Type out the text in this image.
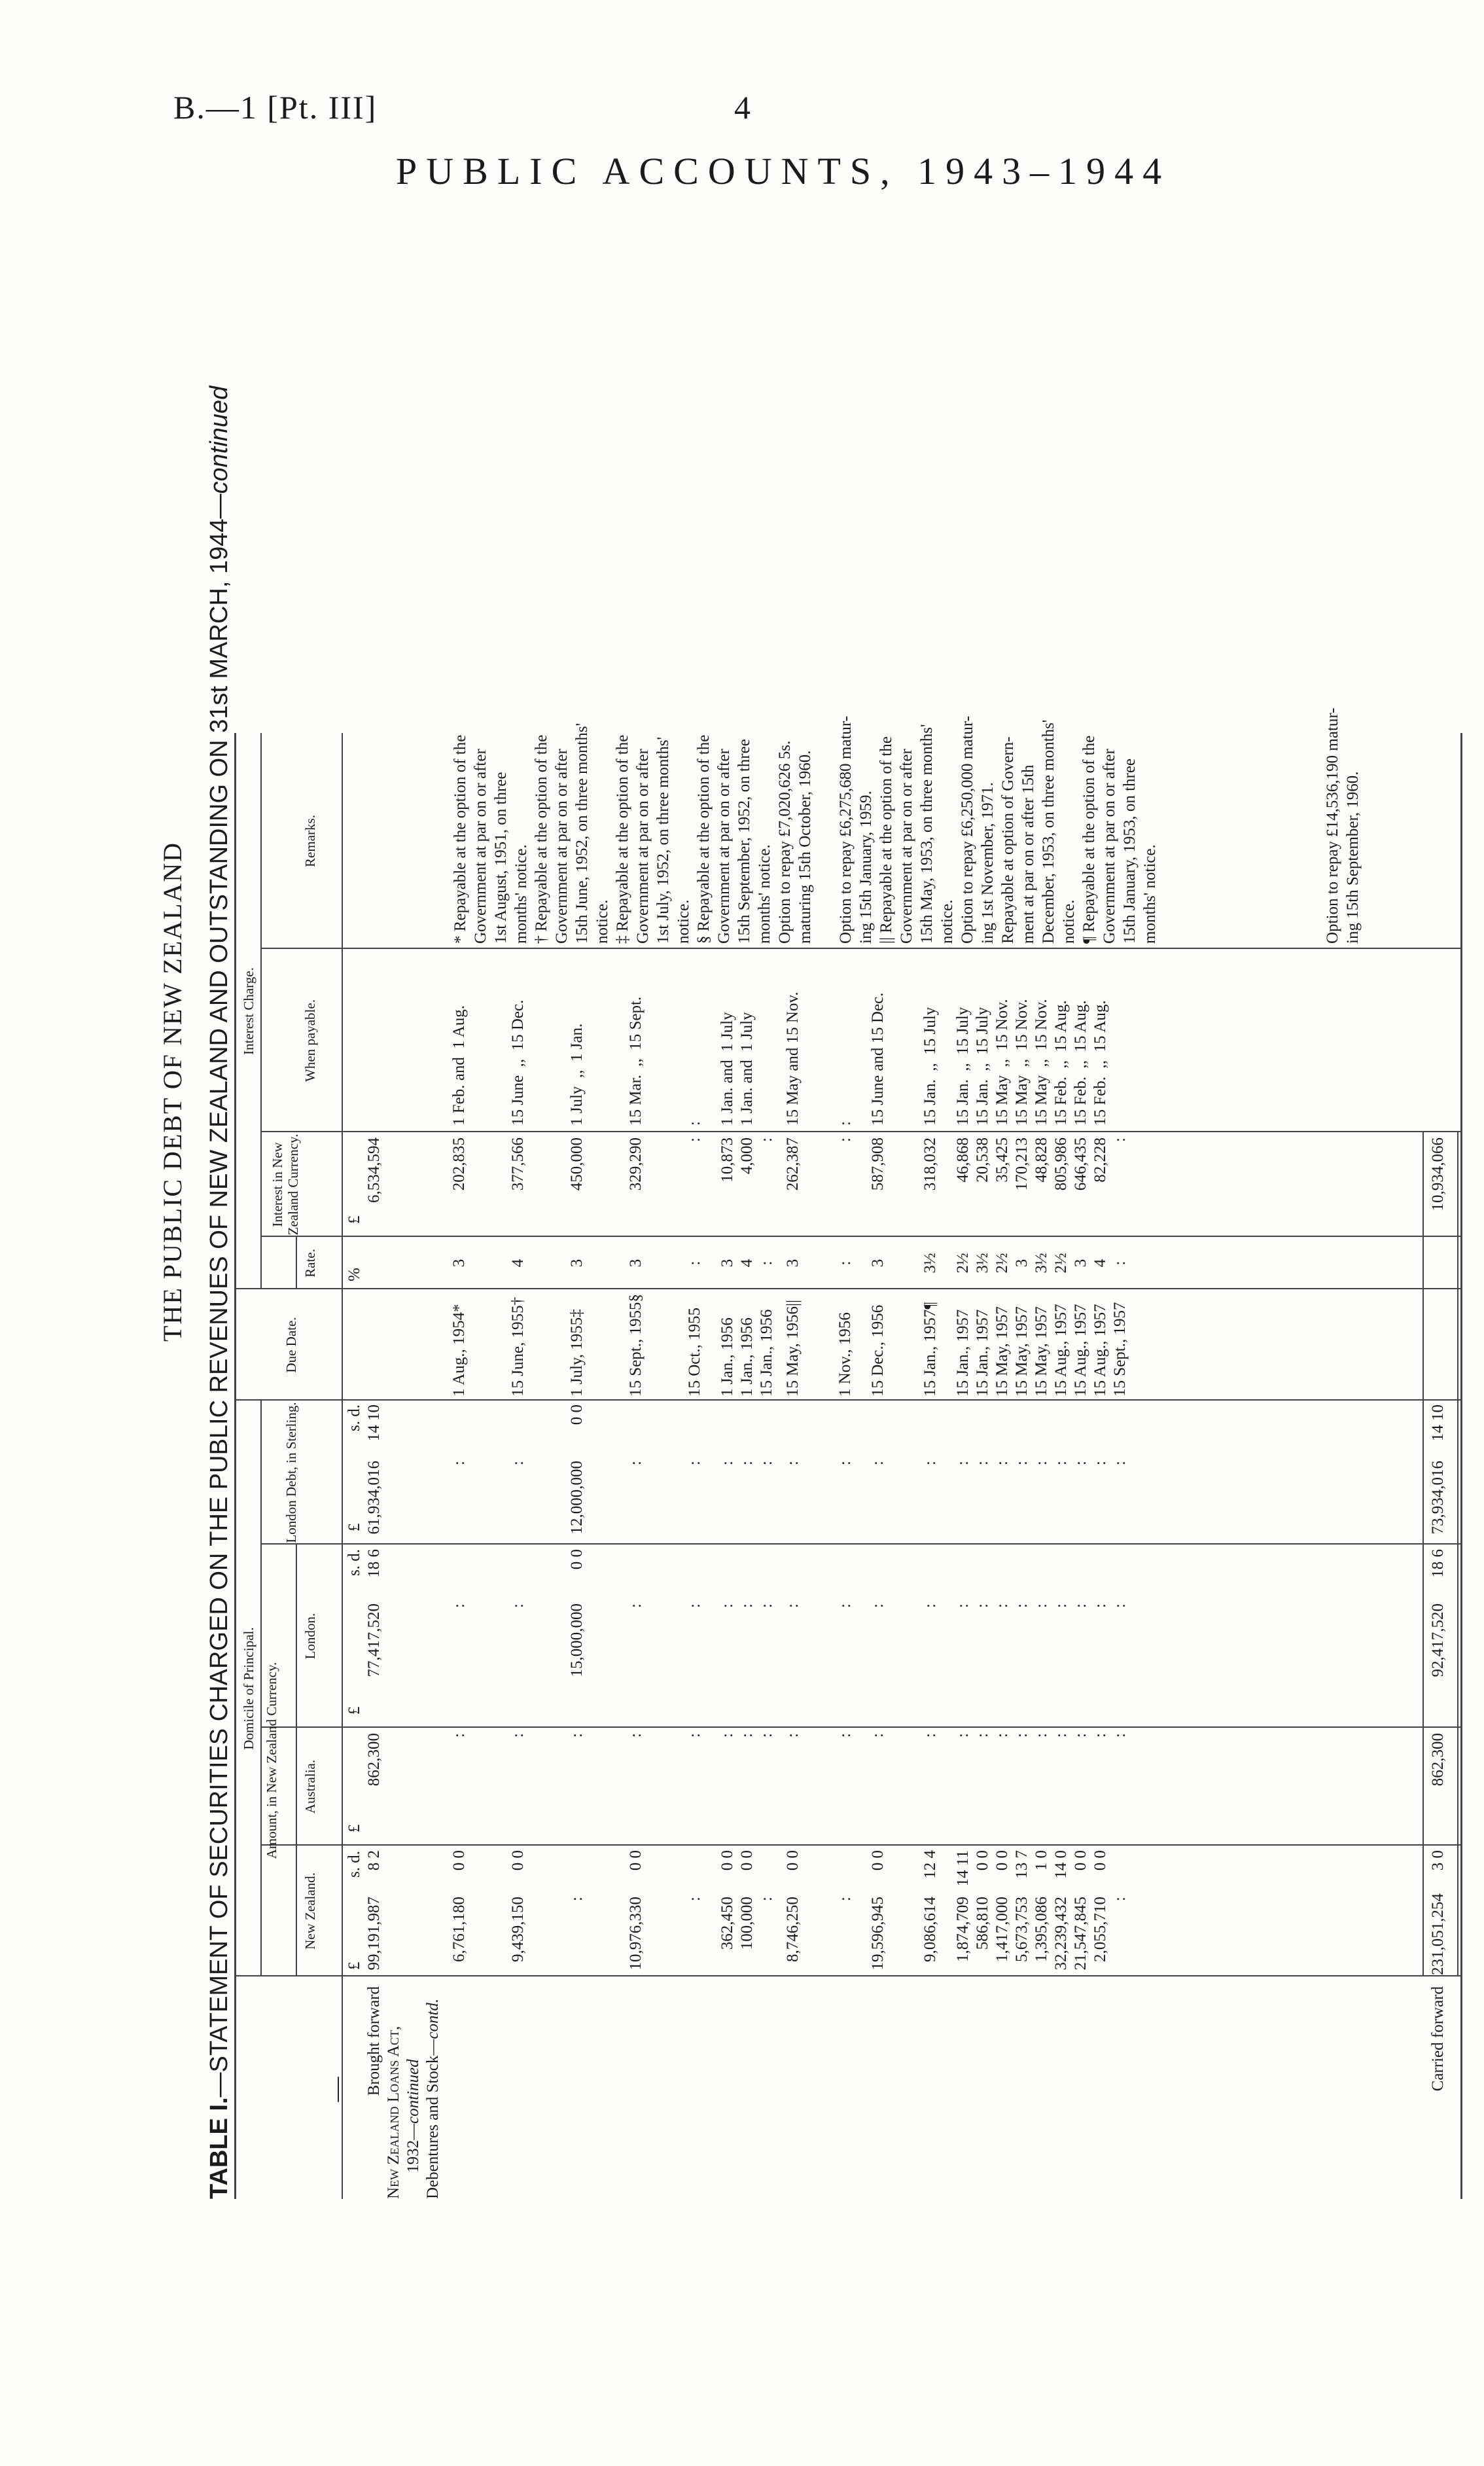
B.—1 [Pt. III]	4
PUBLIC ACCOUNTS, 1943–1944
THE PUBLIC DEBT OF NEW ZEALAND
TABLE I.—STATEMENT OF SECURITIES CHARGED ON THE PUBLIC REVENUES OF NEW ZEALAND AND OUTSTANDING ON 31st MARCH, 1944—continued
—
Domicile of Principal. Amount, in New Zealand Currency.
New Zealand.
Australia.
London.
London Debt, in Sterling.
Due Date.
Interest Charge.
Rate.
Interest in New Zealand Currency.
When payable.
Remarks.
£
s. d.
£
£
s. d.
£
s. d.
%
£
Brought forward
99,191,987
8 2
862,300
77,417,520
18 6
61,934,016
14 10
6,534,594
New Zealand Loans Act, 1932—continued Debentures and Stock—contd.
6,761,180
0 0
:
:
:
202,835
1 Aug., 1954*
3
1 Feb. and  1 Aug.
9,439,150
0 0
:
:
:
377,566
15 June, 1955†
4
15 June  ,,  15 Dec.
:
:
15,000,000
0 0
12,000,000
0 0
450,000
1 July, 1955‡
3
1 July  ,,  1 Jan.
10,976,330
0 0
:
:
:
329,290
15 Sept., 1955§
3
15 Mar.  ,,  15 Sept.
:
:
:
:
:
15 Oct., 1955
:
:
362,450
0 0
:
:
:
10,873
1 Jan., 1956
3
1 Jan. and  1 July
100,000
0 0
:
:
:
4,000
1 Jan., 1956
4
1 Jan. and  1 July
:
:
:
:
:
15 Jan., 1956
:
8,746,250
0 0
:
:
:
262,387
15 May, 1956||
3
15 May and 15 Nov.
:
:
:
:
:
1 Nov., 1956
:
:
19,596,945
0 0
:
:
:
587,908
15 Dec., 1956
3
15 June and 15 Dec.
9,086,614
12 4
:
:
:
318,032
15 Jan., 1957¶
3½
15 Jan.  ,,  15 July
1,874,709
14 11
:
:
:
46,868
15 Jan., 1957
2½
15 Jan.  ,,  15 July
586,810
0 0
:
:
:
20,538
15 Jan., 1957
3½
15 Jan.  ,,  15 July
1,417,000
0 0
:
:
:
35,425
15 May, 1957
2½
15 May  ,,  15 Nov.
5,673,753
13 7
:
:
:
170,213
15 May, 1957
3
15 May  ,,  15 Nov.
1,395,086
1 0
:
:
:
48,828
15 May, 1957
3½
15 May  ,,  15 Nov.
32,239,432
14 0
:
:
:
805,986
15 Aug., 1957
2½
15 Feb.  ,,  15 Aug.
21,547,845
0 0
:
:
:
646,435
15 Aug., 1957
3
15 Feb.  ,,  15 Aug.
2,055,710
0 0
:
:
:
82,228
15 Aug., 1957
4
15 Feb.  ,,  15 Aug.
:
:
:
:
:
15 Sept., 1957
:
Carried forward
231,051,254
3 0
862,300
92,417,520
18 6
73,934,016
14 10
10,934,066
* Repayable at the option of the Government at par on or after 1st August, 1951, on three months' notice. † Repayable at the option of the Government at par on or after 15th June, 1952, on three months' notice. ‡ Repayable at the option of the Government at par on or after 1st July, 1952, on three months' notice. § Repayable at the option of the Government at par on or after 15th September, 1952, on three months' notice. Option to repay £7,020,626 5s. maturing 15th October, 1960. Option to repay £6,275,680 matur- ing 15th January, 1959. || Repayable at the option of the Government at par on or after 15th May, 1953, on three months' notice. Option to repay £6,250,000 matur- ing 1st November, 1971. Repayable at option of Govern- ment at par on or after 15th December, 1953, on three months' notice. ¶ Repayable at the option of the Government at par on or after 15th January, 1953, on three months' notice.	Option to repay £14,536,190 matur- ing 15th September, 1960.
